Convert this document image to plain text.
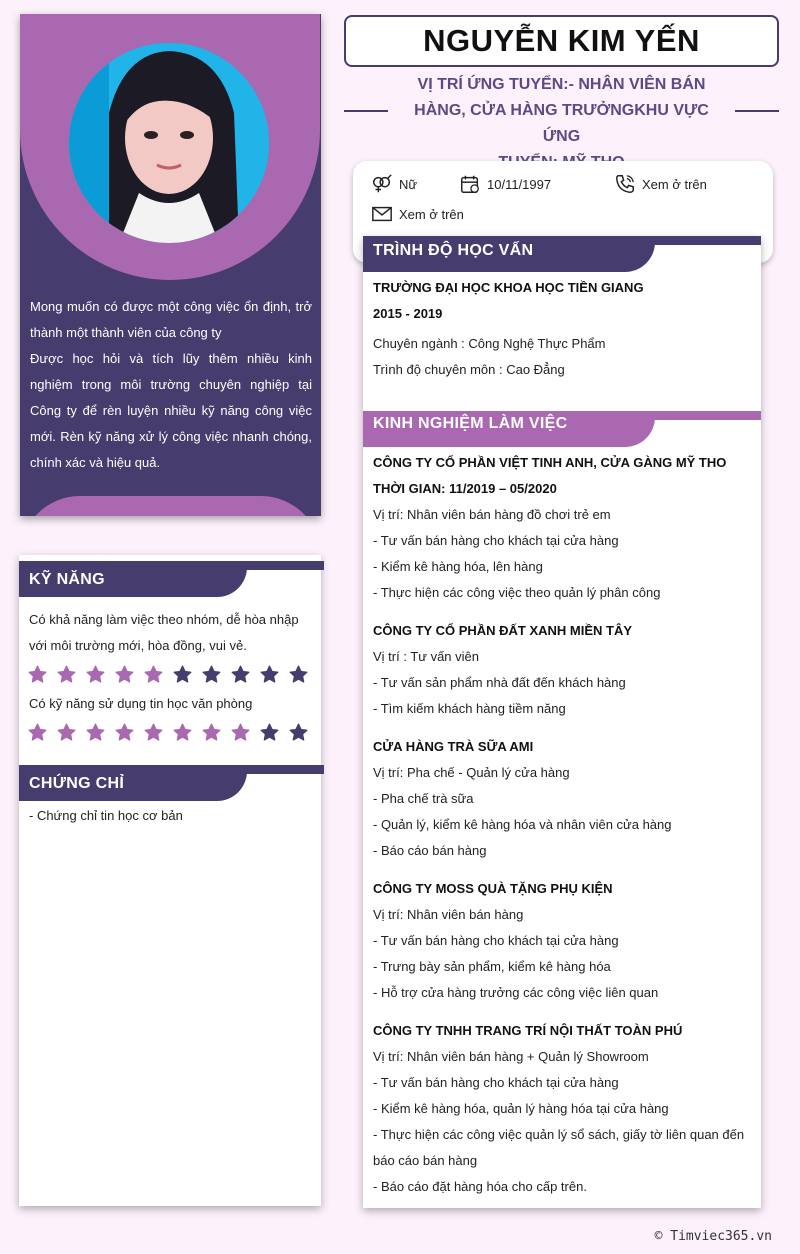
Mong muốn có được một công việc ổn định, trở thành một thành viên của công ty

Được học hỏi và tích lũy thêm nhiều kinh nghiệm trong môi trường chuyên nghiệp tại Công ty để rèn luyện nhiều kỹ năng công việc mới. Rèn kỹ năng xử lý công việc nhanh chóng, chính xác và hiệu quả.

KỸ NĂNG
Có khả năng làm việc theo nhóm, dễ hòa nhập với môi trường mới, hòa đồng, vui vẻ.
Có kỹ năng sử dụng tin học văn phòng
CHỨNG CHỈ
- Chứng chỉ tin học cơ bản
NGUYỄN KIM YẾN
VỊ TRÍ ỨNG TUYỂN:- NHÂN VIÊN BÁN
HÀNG, CỬA HÀNG TRƯỞNGKHU VỰC ỨNG
Nữ	10/11/1997	Xem ở trên
Xem ở trên
TRÌNH ĐỘ HỌC VẤN
TRƯỜNG ĐẠI HỌC KHOA HỌC TIỀN GIANG
2015 - 2019
Chuyên ngành : Công Nghệ Thực Phẩm
Trình độ chuyên môn : Cao Đẳng
KINH NGHIỆM LÀM VIỆC
CÔNG TY CỔ PHẦN VIỆT TINH ANH, CỬA GÀNG MỸ THO
THỜI GIAN: 11/2019 – 05/2020
Vị trí: Nhân viên bán hàng đồ chơi trẻ em
- Tư vấn bán hàng cho khách tại cửa hàng
- Kiểm kê hàng hóa, lên hàng
- Thực hiện các công việc theo quản lý phân công
CÔNG TY CỔ PHẦN ĐẤT XANH MIỀN TÂY
Vị trí : Tư vấn viên
- Tư vấn sản phẩm nhà đất đến khách hàng
- Tìm kiếm khách hàng tiềm năng
CỬA HÀNG TRÀ SỮA AMI
Vị trí: Pha chế - Quản lý cửa hàng
- Pha chế trà sữa
- Quản lý, kiểm kê hàng hóa và nhân viên cửa hàng
- Báo cáo bán hàng
CÔNG TY MOSS QUÀ TẶNG PHỤ KIỆN
Vị trí: Nhân viên bán hàng
- Tư vấn bán hàng cho khách tại cửa hàng
- Trưng bày sản phẩm, kiểm kê hàng hóa
- Hỗ trợ cửa hàng trưởng các công việc liên quan
CÔNG TY TNHH TRANG TRÍ NỘI THẤT TOÀN PHÚ
Vị trí: Nhân viên bán hàng + Quản lý Showroom
- Tư vấn bán hàng cho khách tại cửa hàng
- Kiểm kê hàng hóa, quản lý hàng hóa tại cửa hàng
- Thực hiện các công việc quản lý sổ sách, giấy tờ liên quan đến báo cáo bán hàng
- Báo cáo đặt hàng hóa cho cấp trên.
© Timviec365.vn
